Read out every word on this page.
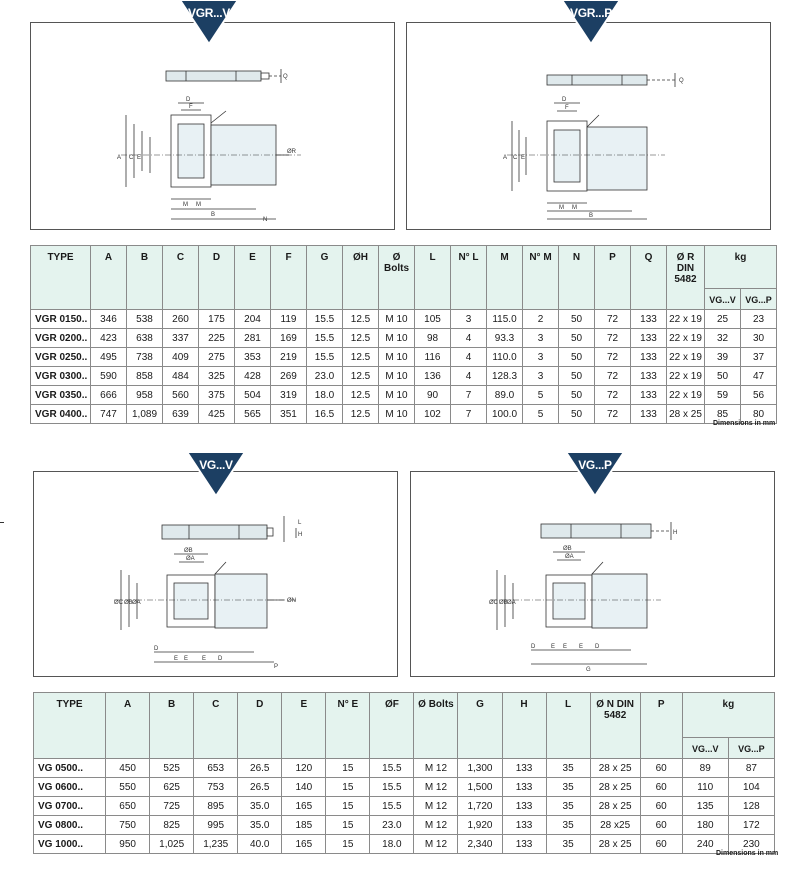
A C E
D
F
M M
B
N
ØR
Q
VGR...V
A C E
D
F
M M
B
Q
VGR...P
TYPE	A	B	C	D	E	F	G	ØH	Ø Bolts	L	N° L	M	N° M	N	P	Q	Ø R DIN 5482	kg	
																		VG...V	VG...P
VGR 0150..	346	538	260	175	204	119	15.5	12.5	M 10	105	3	115.0	2	50	72	133	22 x 19	25	23
VGR 0200..	423	638	337	225	281	169	15.5	12.5	M 10	98	4	93.3	3	50	72	133	22 x 19	32	30
VGR 0250..	495	738	409	275	353	219	15.5	12.5	M 10	116	4	110.0	3	50	72	133	22 x 19	39	37
VGR 0300..	590	858	484	325	428	269	23.0	12.5	M 10	136	4	128.3	3	50	72	133	22 x 19	50	47
VGR 0350..	666	958	560	375	504	319	18.0	12.5	M 10	90	7	89.0	5	50	72	133	22 x 19	59	56
VGR 0400..	747	1,089	639	425	565	351	16.5	12.5	M 10	102	7	100.0	5	50	72	133	28 x 25	85	80
Dimensions in mm
ØC ØB ØA
ØB
ØA
D
E E E D
P
ØN
L
H
VG...V
ØC ØB ØA
ØB
ØA
D	E E E D
G
H
VG...P
TYPE	A	B	C	D	E	N° E	ØF	Ø Bolts	G	H	L	Ø N DIN 5482	P	kg	
														VG...V	VG...P
VG 0500..	450	525	653	26.5	120	15	15.5	M 12	1,300	133	35	28 x 25	60	89	87
VG 0600..	550	625	753	26.5	140	15	15.5	M 12	1,500	133	35	28 x 25	60	110	104
VG 0700..	650	725	895	35.0	165	15	15.5	M 12	1,720	133	35	28 x 25	60	135	128
VG 0800..	750	825	995	35.0	185	15	23.0	M 12	1,920	133	35	28 x25	60	180	172
VG 1000..	950	1,025	1,235	40.0	165	15	18.0	M 12	2,340	133	35	28 x 25	60	240	230
Dimensions in mm
